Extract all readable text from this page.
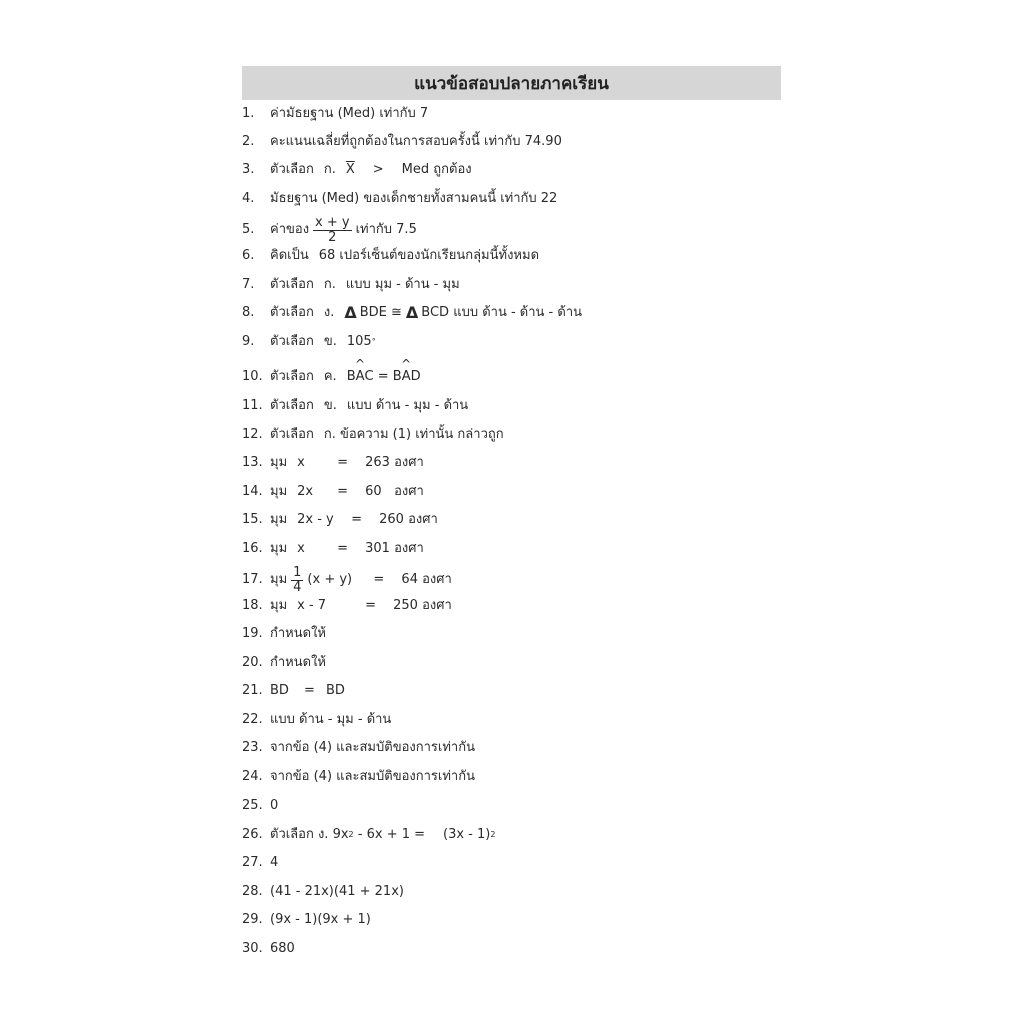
แนวข้อสอบปลายภาคเรียน
1.	ค่ามัธยฐาน (Med) เท่ากับ 7
2.	คะแนนเฉลี่ยที่ถูกต้องในการสอบครั้งนี้ เท่ากับ 74.90
3.	ตัวเลือก ก. $\overline{X}$ > Med ถูกต้อง
4.	มัธยฐาน (Med) ของเด็กชายทั้งสามคนนี้ เท่ากับ 22
5.	ค่าของ $\frac{x + y}{2}$ เท่ากับ 7.5
6.	คิดเป็น 68 เปอร์เซ็นต์ของนักเรียนกลุ่มนี้ทั้งหมด
7.	ตัวเลือก ก. แบบ มุม - ด้าน - มุม
8.	ตัวเลือก ง. Δ BDE ≅ Δ BCD แบบ ด้าน - ด้าน - ด้าน
9.	ตัวเลือก ข. 105 °
10. ตัวเลือก ค. B^ AC = B^ AD
11. ตัวเลือก ข. แบบ ด้าน - มุม - ด้าน
12. ตัวเลือก ก. ข้อความ (1) เท่านั้น กล่าวถูก
13. มุม x	=	263 องศา
14. มุม 2x	=	60   องศา
15. มุม 2x - y	=	260 องศา
16. มุม x	=	301 องศา
17. มุม $\frac{1}{4} (x + y)$	=	64 องศา
18. มุม x - 7	=	250 องศา
19. กำหนดให้
20. กำหนดให้
21. BD	= BD
22. แบบ ด้าน - มุม - ด้าน
23. จากข้อ (4) และสมบัติของการเท่ากัน
24. จากข้อ (4) และสมบัติของการเท่ากัน
25. 0
26. ตัวเลือก ง. 9x 2 - 6x + 1 = (3x - 1) 2
27. 4
28. (41 - 21x)(41 + 21x)
29. (9x - 1)(9x + 1)
30. 680
